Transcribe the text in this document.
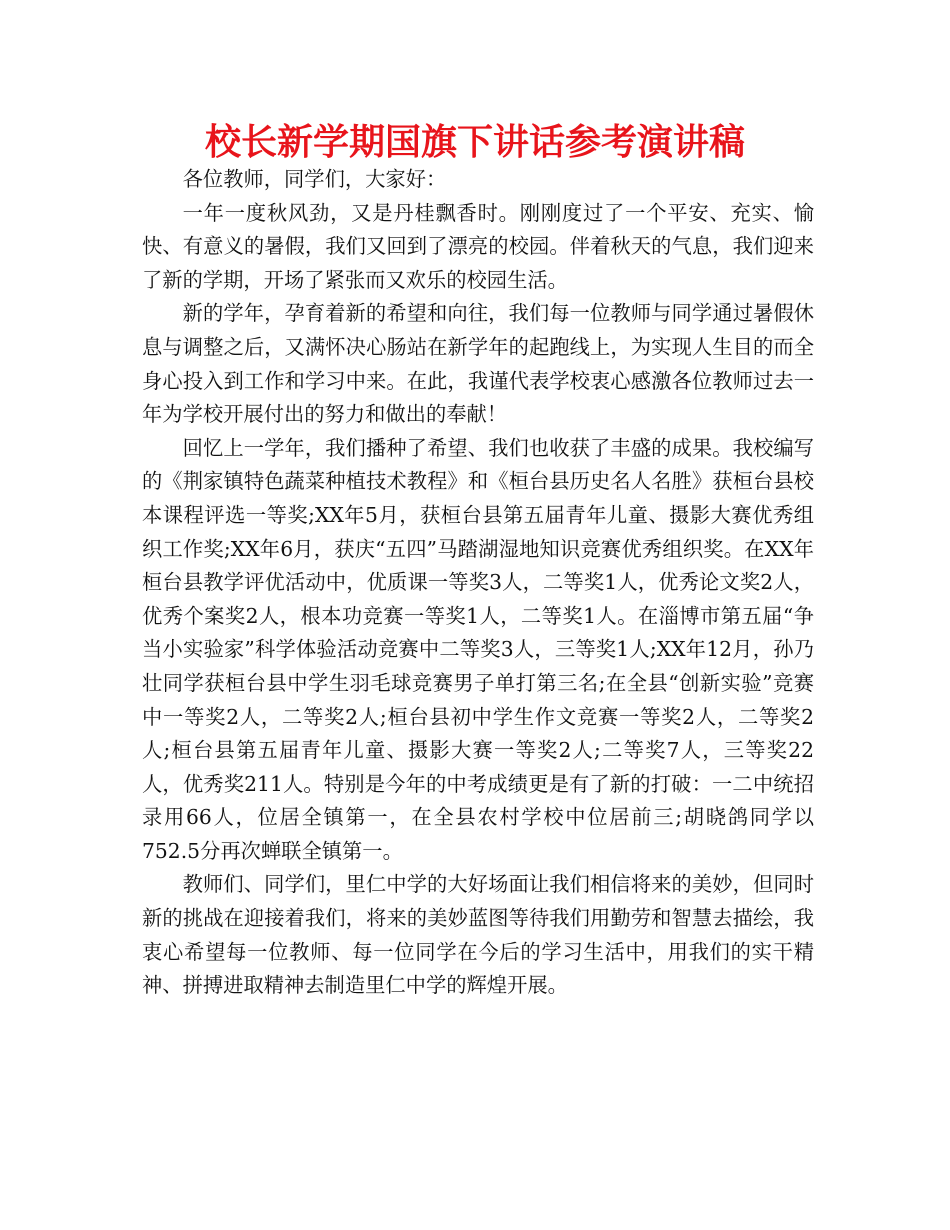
校长新学期国旗下讲话参考演讲稿

各位教师，同学们，大家好：

一年一度秋风劲，又是丹桂飘香时。刚刚度过了一个平安、充实、愉快、有意义的暑假，我们又回到了漂亮的校园。伴着秋天的气息，我们迎来了新的学期，开场了紧张而又欢乐的校园生活。

新的学年，孕育着新的希望和向往，我们每一位教师与同学通过暑假休息与调整之后，又满怀决心肠站在新学年的起跑线上，为实现人生目的而全身心投入到工作和学习中来。在此，我谨代表学校衷心感激各位教师过去一年为学校开展付出的努力和做出的奉献！

回忆上一学年，我们播种了希望、我们也收获了丰盛的成果。我校编写的《荆家镇特色蔬菜种植技术教程》和《桓台县历史名人名胜》获桓台县校本课程评选一等奖;XX年5月，获桓台县第五届青年儿童、摄影大赛优秀组织工作奖;XX年6月，获庆“五四”马踏湖湿地知识竞赛优秀组织奖。在XX年桓台县教学评优活动中，优质课一等奖3人，二等奖1人，优秀论文奖2人，优秀个案奖2人，根本功竞赛一等奖1人，二等奖1人。在淄博市第五届“争当小实验家”科学体验活动竞赛中二等奖3人，三等奖1人;XX年12月，孙乃壮同学获桓台县中学生羽毛球竞赛男子单打第三名;在全县“创新实验”竞赛中一等奖2人，二等奖2人;桓台县初中学生作文竞赛一等奖2人，二等奖2人;桓台县第五届青年儿童、摄影大赛一等奖2人;二等奖7人，三等奖22人，优秀奖211人。特别是今年的中考成绩更是有了新的打破：一二中统招录用66人，位居全镇第一，在全县农村学校中位居前三;胡晓鸽同学以752.5分再次蝉联全镇第一。

教师们、同学们，里仁中学的大好场面让我们相信将来的美妙，但同时新的挑战在迎接着我们，将来的美妙蓝图等待我们用勤劳和智慧去描绘，我衷心希望每一位教师、每一位同学在今后的学习生活中，用我们的实干精神、拼搏进取精神去制造里仁中学的辉煌开展。
